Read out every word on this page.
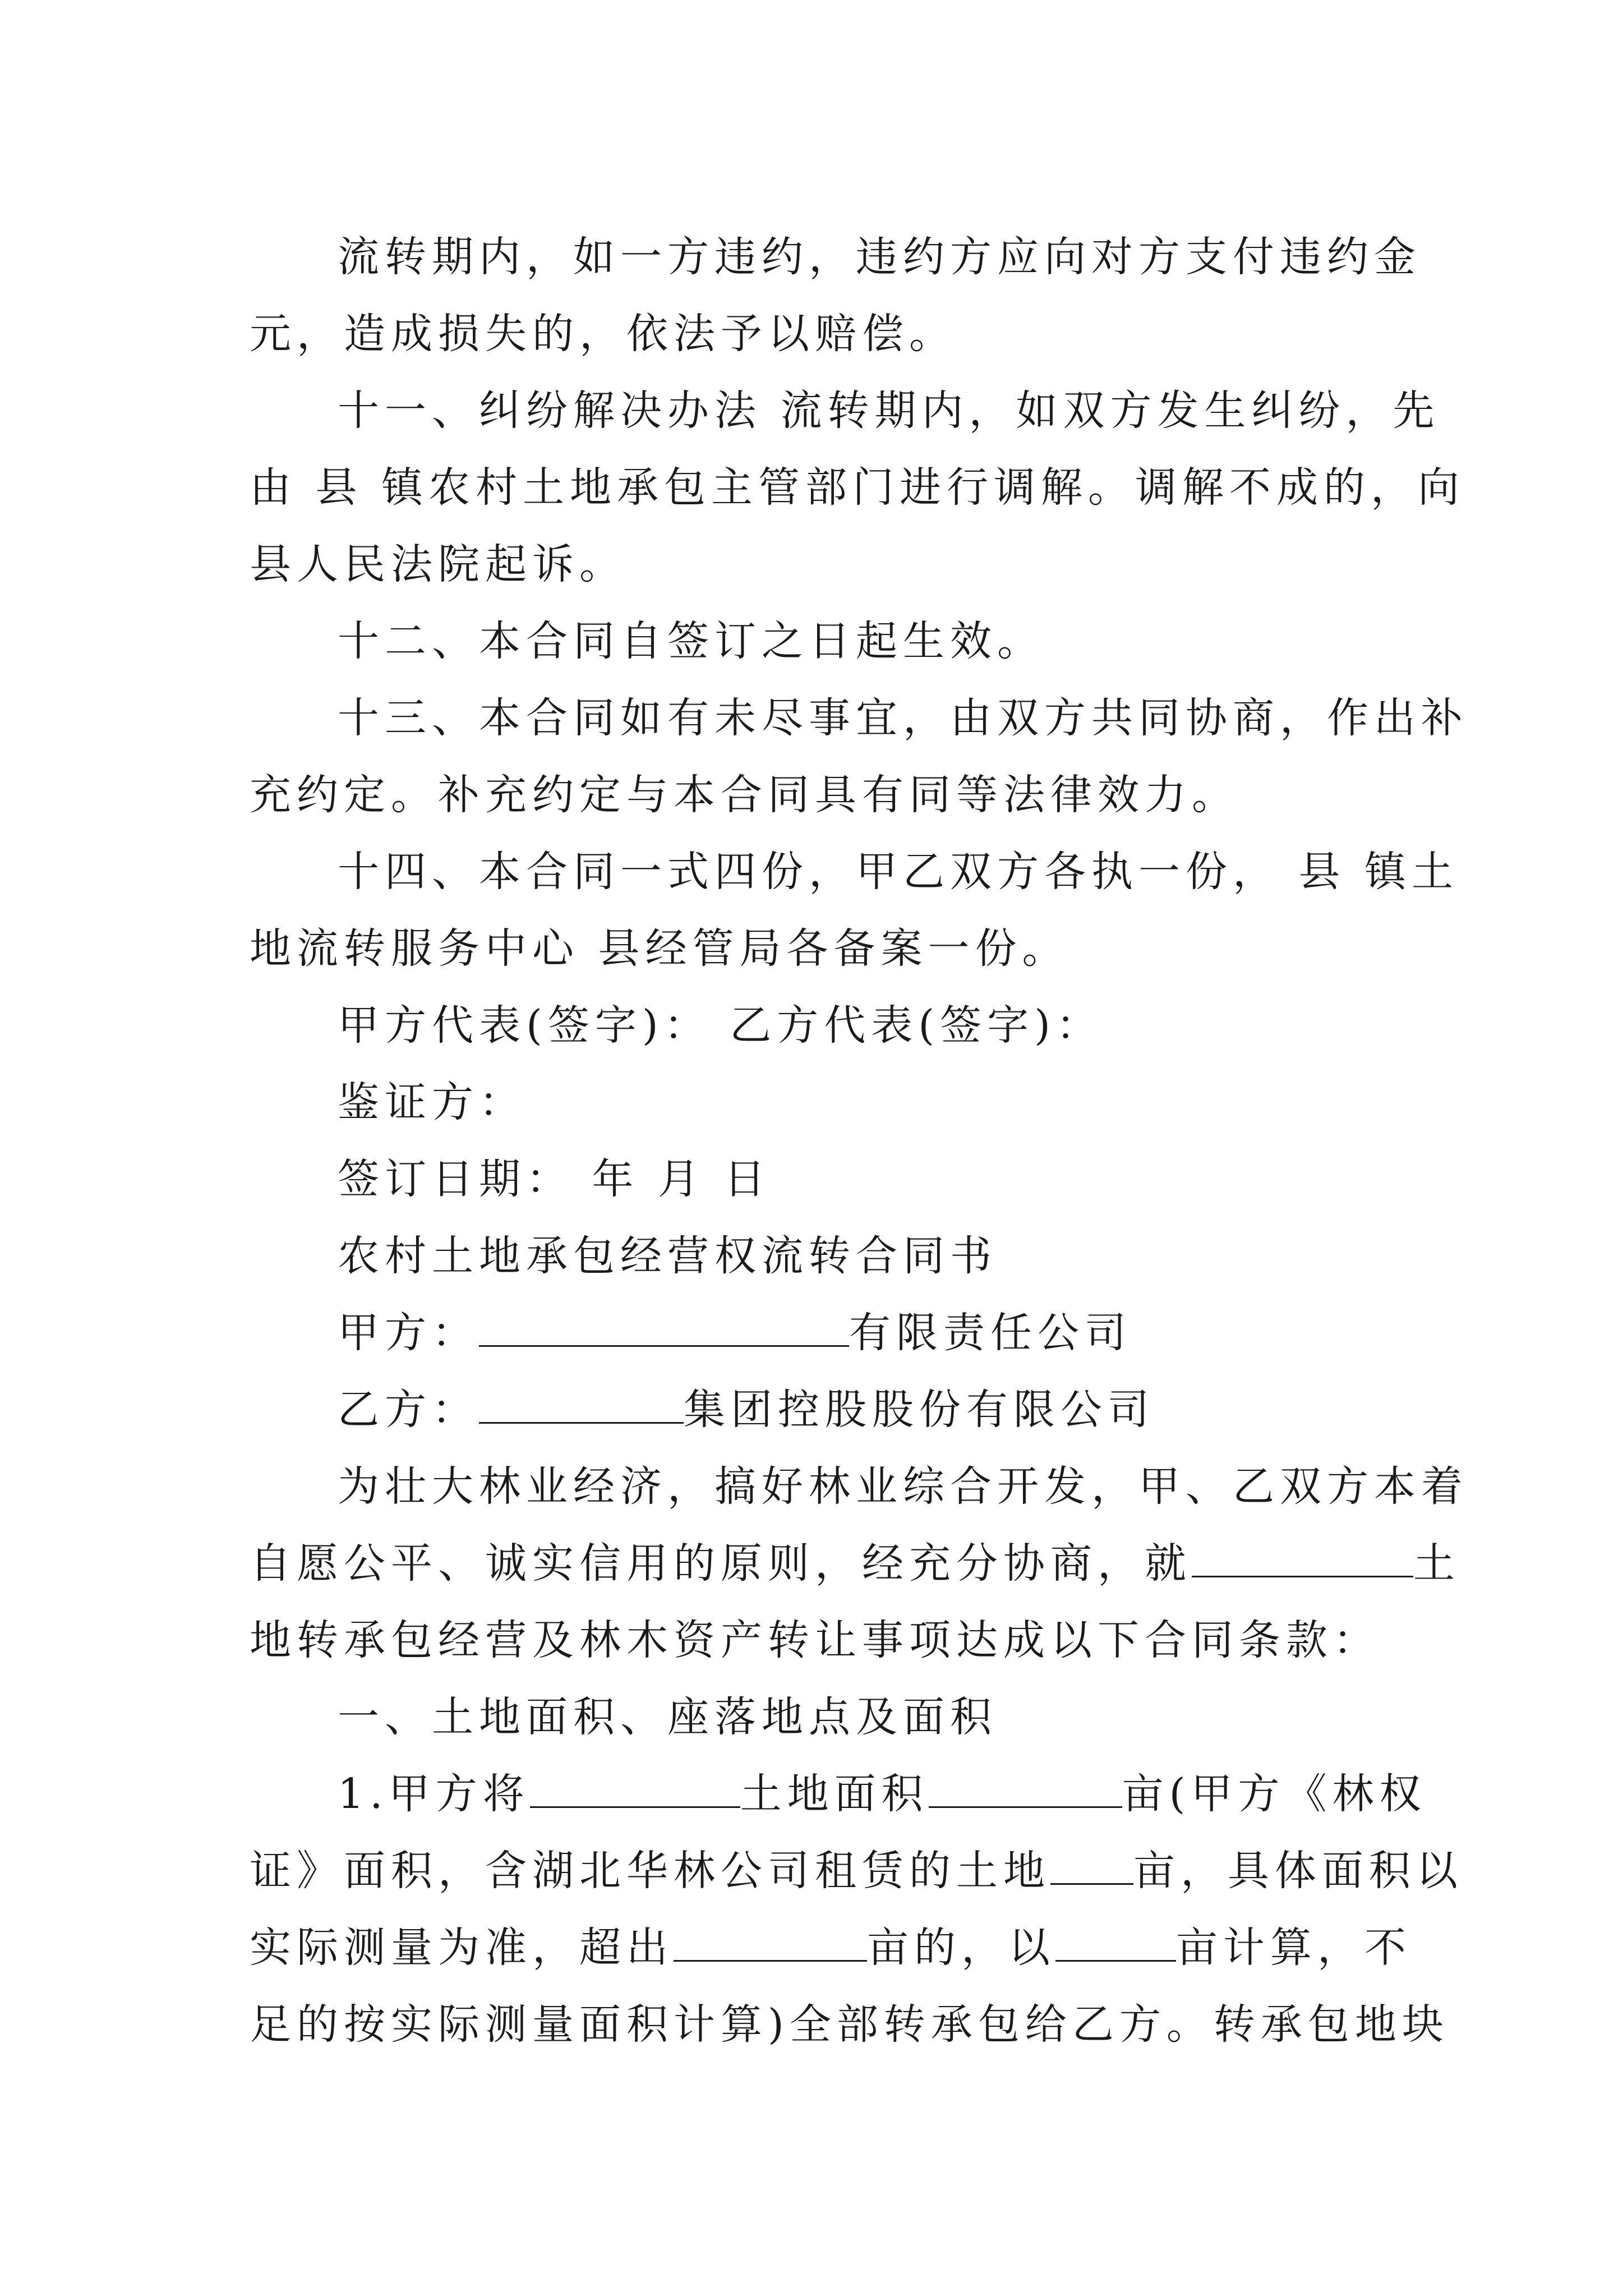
流转期内，如一方违约，违约方应向对方支付违约金
元，造成损失的，依法予以赔偿。
十一、纠纷解决办法 流转期内，如双方发生纠纷，先
由 县 镇农村土地承包主管部门进行调解。调解不成的，向
县人民法院起诉。
十二、本合同自签订之日起生效。
十三、本合同如有未尽事宜，由双方共同协商，作出补
充约定。补充约定与本合同具有同等法律效力。
十四、本合同一式四份，甲乙双方各执一份， 县 镇土
地流转服务中心 县经管局各备案一份。
甲方代表(签字)： 乙方代表(签字)：
鉴证方：
签订日期： 年 月 日
农村土地承包经营权流转合同书
甲方：	有限责任公司
乙方：	集团控股股份有限公司
为壮大林业经济，搞好林业综合开发，甲、乙双方本着
自愿公平、诚实信用的原则，经充分协商，就	土
地转承包经营及林木资产转让事项达成以下合同条款：
一、土地面积、座落地点及面积
1.甲方将	土地面积	亩(甲方《林权
证》面积，含湖北华林公司租赁的土地 亩，具体面积以
实际测量为准，超出	亩的，以	亩计算，不
足的按实际测量面积计算)全部转承包给乙方。转承包地块
